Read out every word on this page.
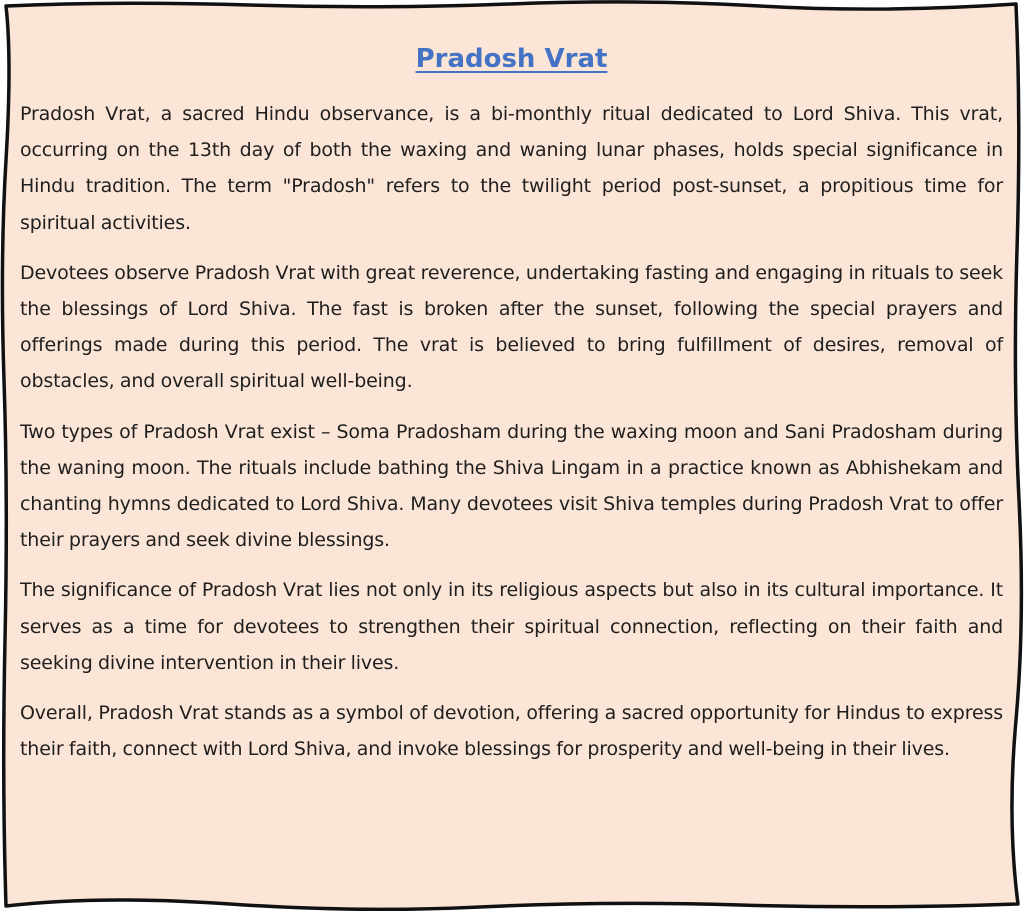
Pradosh Vrat

Pradosh Vrat, a sacred Hindu observance, is a bi-monthly ritual dedicated to Lord Shiva. This vrat, occurring on the 13th day of both the waxing and waning lunar phases, holds special significance in Hindu tradition. The term "Pradosh" refers to the twilight period post-sunset, a propitious time for spiritual activities.

Devotees observe Pradosh Vrat with great reverence, undertaking fasting and engaging in rituals to seek the blessings of Lord Shiva. The fast is broken after the sunset, following the special prayers and offerings made during this period. The vrat is believed to bring fulfillment of desires, removal of obstacles, and overall spiritual well-being.

Two types of Pradosh Vrat exist – Soma Pradosham during the waxing moon and Sani Pradosham during the waning moon. The rituals include bathing the Shiva Lingam in a practice known as Abhishekam and chanting hymns dedicated to Lord Shiva. Many devotees visit Shiva temples during Pradosh Vrat to offer their prayers and seek divine blessings.

The significance of Pradosh Vrat lies not only in its religious aspects but also in its cultural importance. It serves as a time for devotees to strengthen their spiritual connection, reflecting on their faith and seeking divine intervention in their lives.

Overall, Pradosh Vrat stands as a symbol of devotion, offering a sacred opportunity for Hindus to express their faith, connect with Lord Shiva, and invoke blessings for prosperity and well-being in their lives.
